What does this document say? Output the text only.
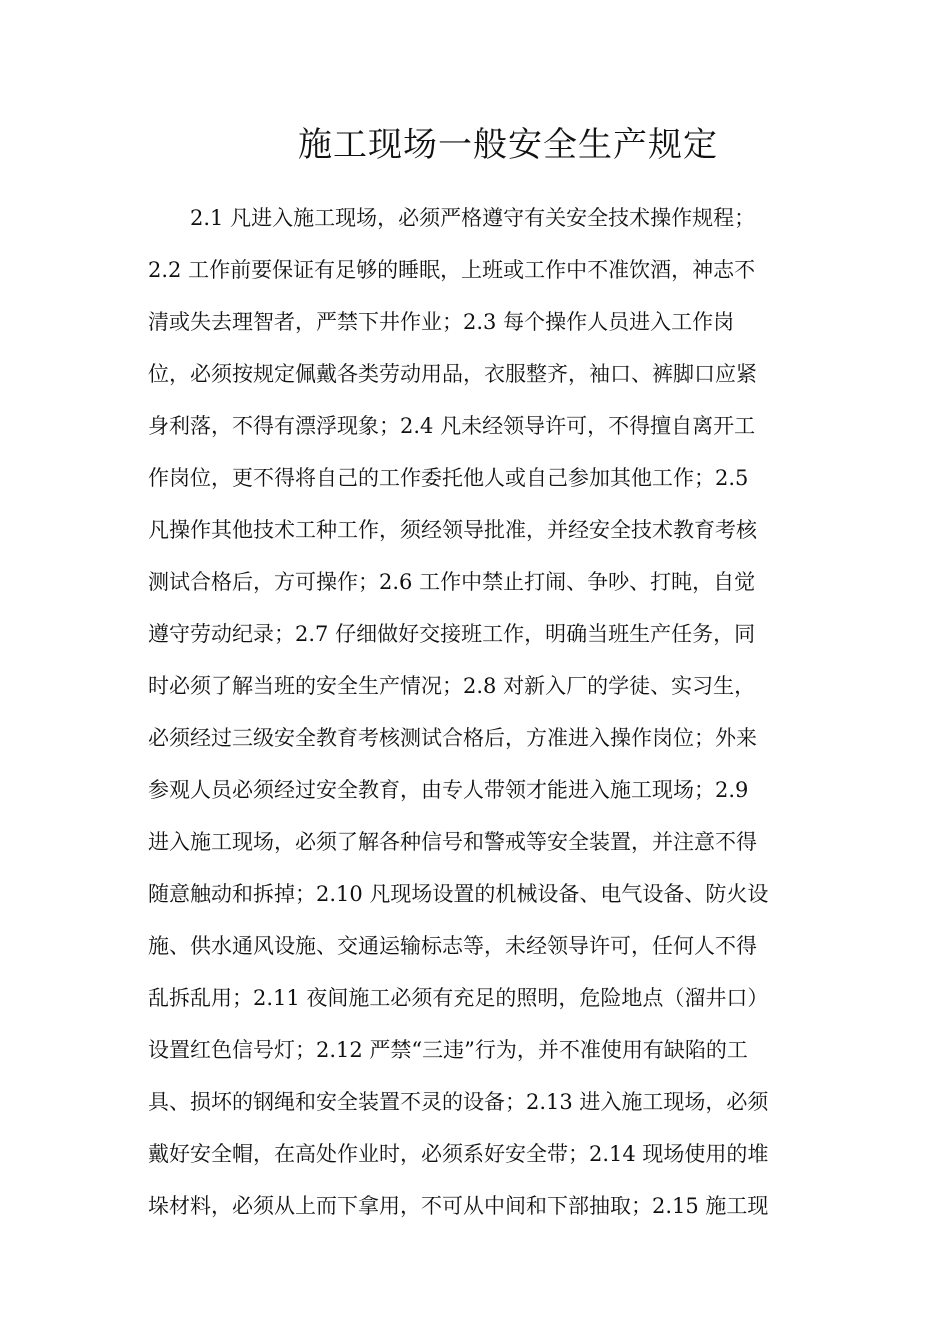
施工现场一般安全生产规定
2.1 凡进入施工现场，必须严格遵守有关安全技术操作规程；
2.2 工作前要保证有足够的睡眠，上班或工作中不准饮酒，神志不
清或失去理智者，严禁下井作业；2.3 每个操作人员进入工作岗
位，必须按规定佩戴各类劳动用品，衣服整齐，袖口、裤脚口应紧
身利落，不得有漂浮现象；2.4 凡未经领导许可，不得擅自离开工
作岗位，更不得将自己的工作委托他人或自己参加其他工作；2.5
凡操作其他技术工种工作，须经领导批准，并经安全技术教育考核
测试合格后，方可操作；2.6 工作中禁止打闹、争吵、打盹，自觉
遵守劳动纪录；2.7 仔细做好交接班工作，明确当班生产任务，同
时必须了解当班的安全生产情况；2.8 对新入厂的学徒、实习生，
必须经过三级安全教育考核测试合格后，方准进入操作岗位；外来
参观人员必须经过安全教育，由专人带领才能进入施工现场；2.9
进入施工现场，必须了解各种信号和警戒等安全装置，并注意不得
随意触动和拆掉；2.10 凡现场设置的机械设备、电气设备、防火设
施、供水通风设施、交通运输标志等，未经领导许可，任何人不得
乱拆乱用；2.11 夜间施工必须有充足的照明，危险地点（溜井口）
设置红色信号灯；2.12 严禁“三违”行为，并不准使用有缺陷的工
具、损坏的钢绳和安全装置不灵的设备；2.13 进入施工现场，必须
戴好安全帽，在高处作业时，必须系好安全带；2.14 现场使用的堆
垛材料，必须从上而下拿用，不可从中间和下部抽取；2.15 施工现
